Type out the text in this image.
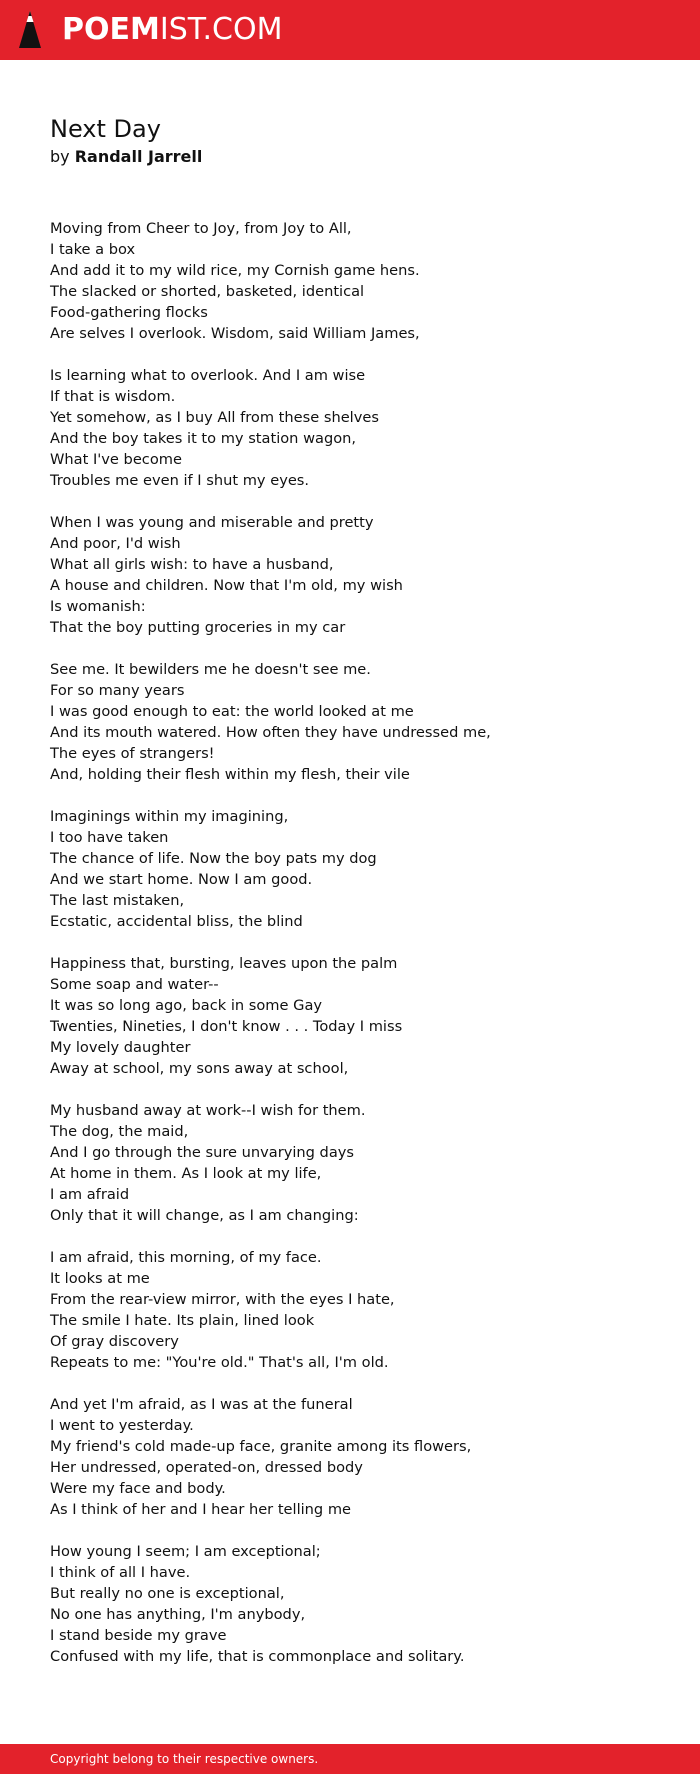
POEMIST.COM
Next Day
by Randall Jarrell
Moving from Cheer to Joy, from Joy to All,
I take a box
And add it to my wild rice, my Cornish game hens.
The slacked or shorted, basketed, identical
Food-gathering flocks
Are selves I overlook. Wisdom, said William James,
Is learning what to overlook. And I am wise
If that is wisdom.
Yet somehow, as I buy All from these shelves
And the boy takes it to my station wagon,
What I've become
Troubles me even if I shut my eyes.
When I was young and miserable and pretty
And poor, I'd wish
What all girls wish: to have a husband,
A house and children. Now that I'm old, my wish
Is womanish:
That the boy putting groceries in my car
See me. It bewilders me he doesn't see me.
For so many years
I was good enough to eat: the world looked at me
And its mouth watered. How often they have undressed me,
The eyes of strangers!
And, holding their flesh within my flesh, their vile
Imaginings within my imagining,
I too have taken
The chance of life. Now the boy pats my dog
And we start home. Now I am good.
The last mistaken,
Ecstatic, accidental bliss, the blind
Happiness that, bursting, leaves upon the palm
Some soap and water--
It was so long ago, back in some Gay
Twenties, Nineties, I don't know . . . Today I miss
My lovely daughter
Away at school, my sons away at school,
My husband away at work--I wish for them.
The dog, the maid,
And I go through the sure unvarying days
At home in them. As I look at my life,
I am afraid
Only that it will change, as I am changing:
I am afraid, this morning, of my face.
It looks at me
From the rear-view mirror, with the eyes I hate,
The smile I hate. Its plain, lined look
Of gray discovery
Repeats to me: "You're old." That's all, I'm old.
And yet I'm afraid, as I was at the funeral
I went to yesterday.
My friend's cold made-up face, granite among its flowers,
Her undressed, operated-on, dressed body
Were my face and body.
As I think of her and I hear her telling me
How young I seem; I am exceptional;
I think of all I have.
But really no one is exceptional,
No one has anything, I'm anybody,
I stand beside my grave
Confused with my life, that is commonplace and solitary.
Copyright belong to their respective owners.
